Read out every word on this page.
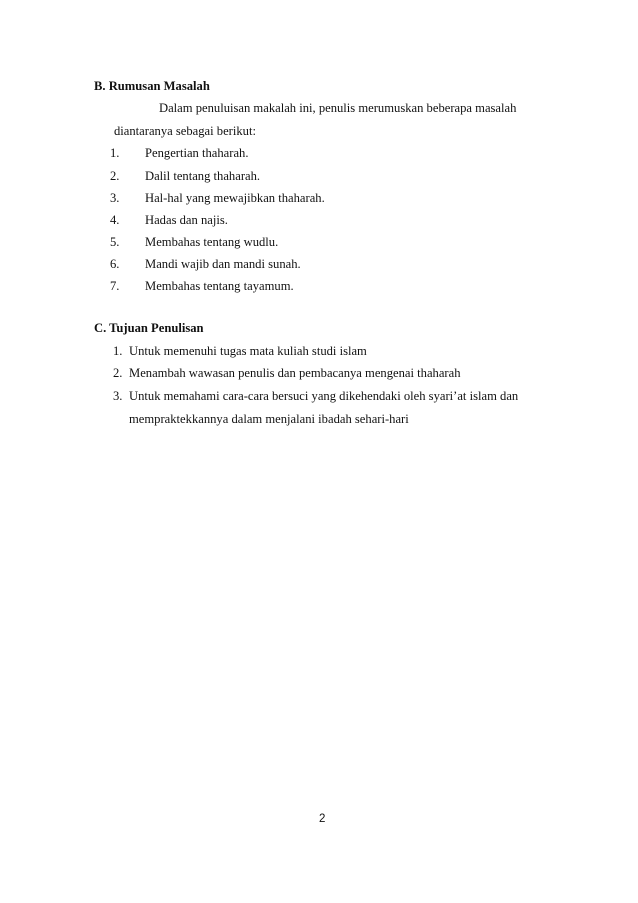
B. Rumusan Masalah
Dalam penuluisan makalah ini, penulis merumuskan beberapa masalah
diantaranya sebagai berikut:
1. Pengertian thaharah.
2. Dalil tentang thaharah.
3. Hal-hal yang mewajibkan thaharah.
4. Hadas dan najis.
5. Membahas tentang wudlu.
6. Mandi wajib dan mandi sunah.
7. Membahas tentang tayamum.
C. Tujuan Penulisan
1. Untuk memenuhi tugas mata kuliah studi islam
2. Menambah wawasan penulis dan pembacanya mengenai thaharah
3. Untuk memahami cara-cara bersuci yang dikehendaki oleh syari’at islam dan
mempraktekkannya dalam menjalani ibadah sehari-hari
2
